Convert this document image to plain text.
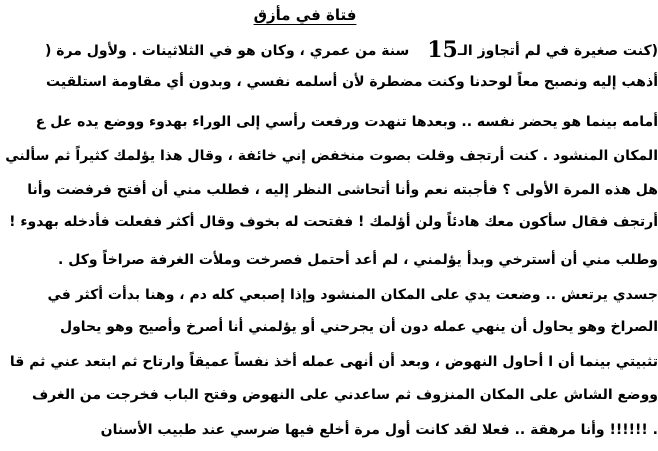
فتاة في مأزق
(كنت صغيرة في لم أتجاوز الـ15سنة من عمري ، وكان هو في الثلاثينات . ولأول مرة (
أذهب إليه ونصبح معاً لوحدنا وكنت مضطرة لأن أسلمه نفسي ، وبدون أي مقاومة استلقيت
أمامه بينما هو يحضر نفسه .. وبعدها تنهدت ورفعت رأسي إلى الوراء بهدوء ووضع يده عل ع
المكان المنشود . كنت أرتجف وقلت بصوت منخفض إني خائفة ، وقال هذا يؤلمك كثيراً ثم سألني
هل هذه المرة الأولى ؟ فأجبته نعم وأنا أتحاشى النظر إليه ، فطلب مني أن أفتح فرفضت وأنا
أرتجف فقال سأكون معك هادئاً ولن أؤلمك ! ففتحت له بخوف وقال أكثر ففعلت فأدخله بهدوء !
وطلب مني أن أسترخي وبدأ يؤلمني ، لم أعد أحتمل فصرخت وملأت الغرفة صراخاً وكل .
جسدي يرتعش .. وضعت يدي على المكان المنشود وإذا إصبعي كله دم ، وهنا بدأت أكثر في
الصراخ وهو يحاول أن ينهي عمله دون أن يجرحني أو يؤلمني أنا أصرخ وأصيح وهو يحاول
تثبيتي بينما أن ا أحاول النهوض ، وبعد أن أنهى عمله أخذ نفساً عميقاً وارتاح ثم ابتعد عني ثم قا
ووضع الشاش على المكان المنزوف ثم ساعدني على النهوض وفتح الباب فخرجت من الغرف
. !!!!!! وأنا مرهقة .. فعلا لقد كانت أول مرة أخلع فيها ضرسي عند طبيب الأسنان
